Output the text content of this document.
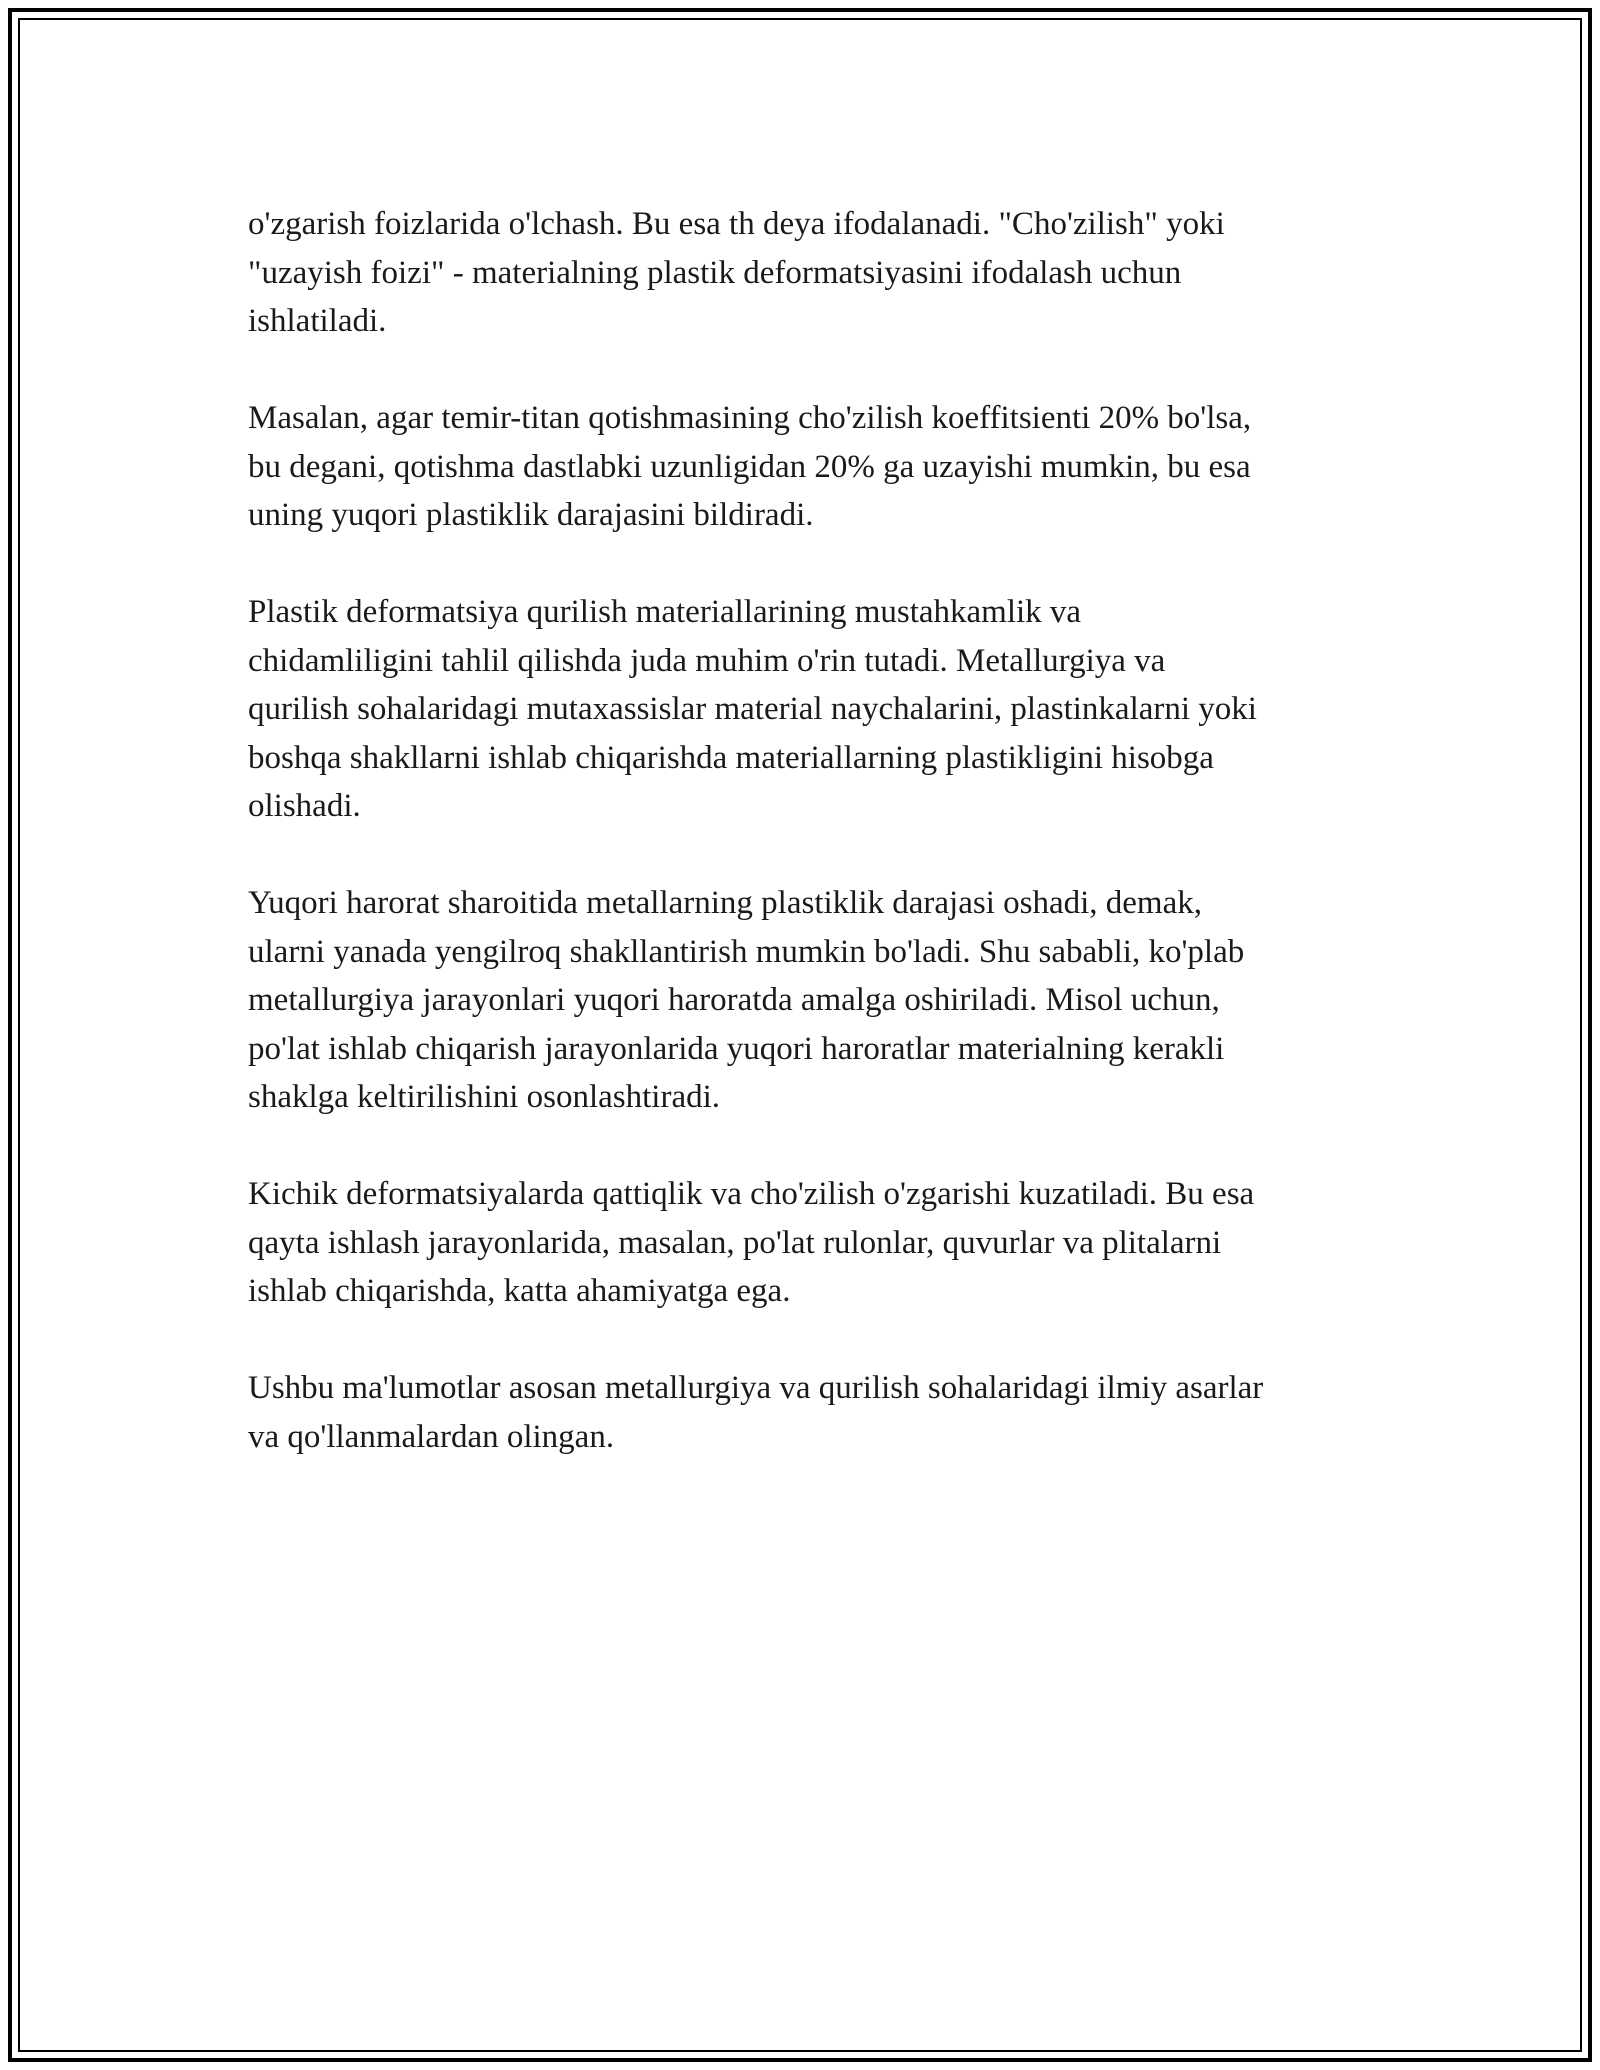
o'zgarish foizlarida o'lchash. Bu esa th deya ifodalanadi. "Cho'zilish" yoki
"uzayish foizi" - materialning plastik deformatsiyasini ifodalash uchun
ishlatiladi.

Masalan, agar temir-titan qotishmasining cho'zilish koeffitsienti 20% bo'lsa,
bu degani, qotishma dastlabki uzunligidan 20% ga uzayishi mumkin, bu esa
uning yuqori plastiklik darajasini bildiradi.

Plastik deformatsiya qurilish materiallarining mustahkamlik va
chidamliligini tahlil qilishda juda muhim o'rin tutadi. Metallurgiya va
qurilish sohalaridagi mutaxassislar material naychalarini, plastinkalarni yoki
boshqa shakllarni ishlab chiqarishda materiallarning plastikligini hisobga
olishadi.

Yuqori harorat sharoitida metallarning plastiklik darajasi oshadi, demak,
ularni yanada yengilroq shakllantirish mumkin bo'ladi. Shu sababli, ko'plab
metallurgiya jarayonlari yuqori haroratda amalga oshiriladi. Misol uchun,
po'lat ishlab chiqarish jarayonlarida yuqori haroratlar materialning kerakli
shaklga keltirilishini osonlashtiradi.

Kichik deformatsiyalarda qattiqlik va cho'zilish o'zgarishi kuzatiladi. Bu esa
qayta ishlash jarayonlarida, masalan, po'lat rulonlar, quvurlar va plitalarni
ishlab chiqarishda, katta ahamiyatga ega.

Ushbu ma'lumotlar asosan metallurgiya va qurilish sohalaridagi ilmiy asarlar
va qo'llanmalardan olingan.
